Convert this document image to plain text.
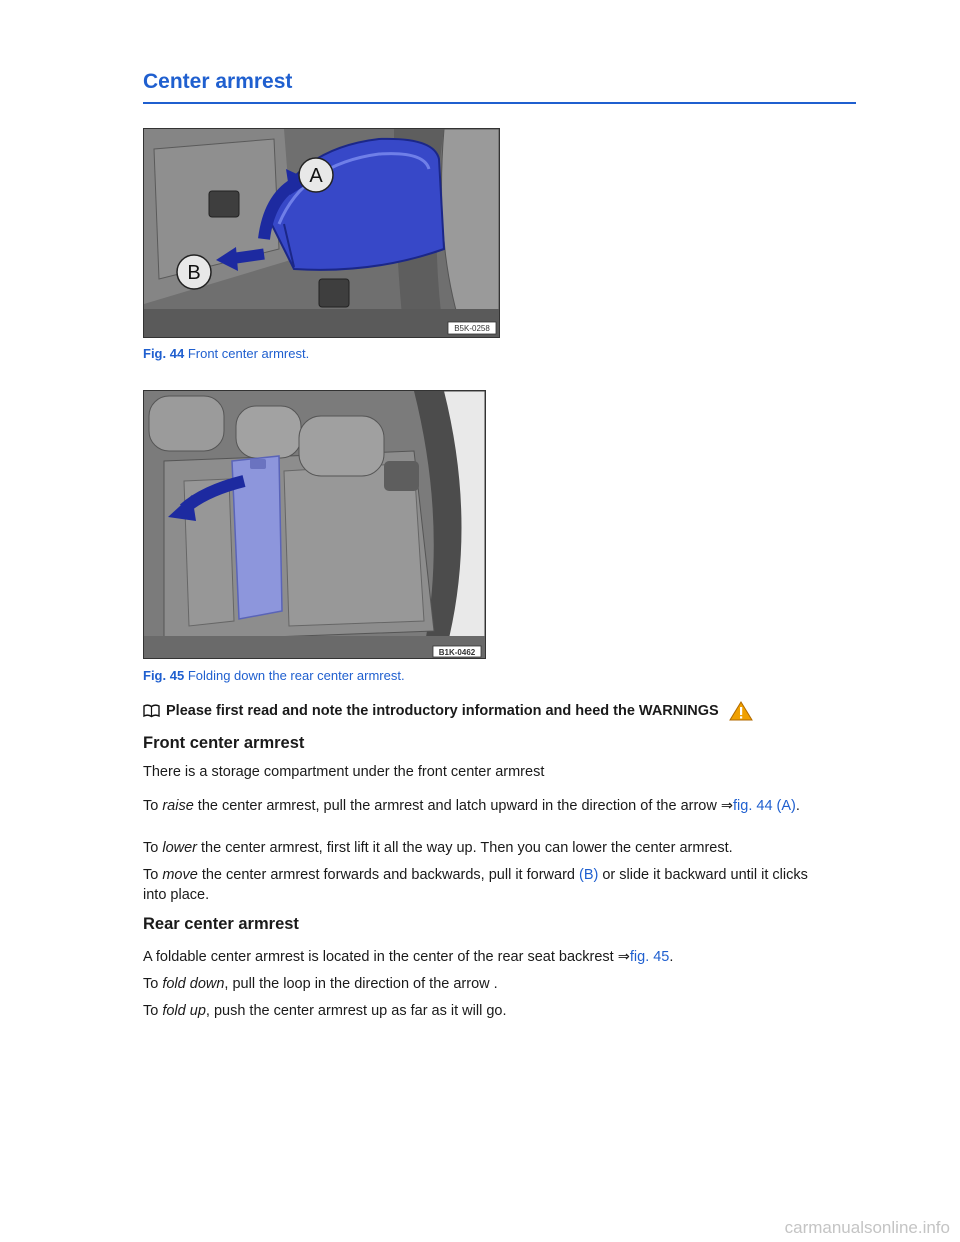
Center armrest
A
B
B5K-0258
Fig. 44 Front center armrest.
B1K-0462
Fig. 45 Folding down the rear center armrest.
Please first read and note the introductory information and heed the WARNINGS
Front center armrest

There is a storage compartment under the front center armrest

To raise the center armrest, pull the armrest and latch upward in the direction of the arrow ⇒fig. 44 (A).

To lower the center armrest, first lift it all the way up. Then you can lower the center armrest.

To move the center armrest forwards and backwards, pull it forward (B) or slide it backward until it clicks into place.

Rear center armrest

A foldable center armrest is located in the center of the rear seat backrest ⇒fig. 45.

To fold down, pull the loop in the direction of the arrow .

To fold up, push the center armrest up as far as it will go.

carmanualsonline.info
